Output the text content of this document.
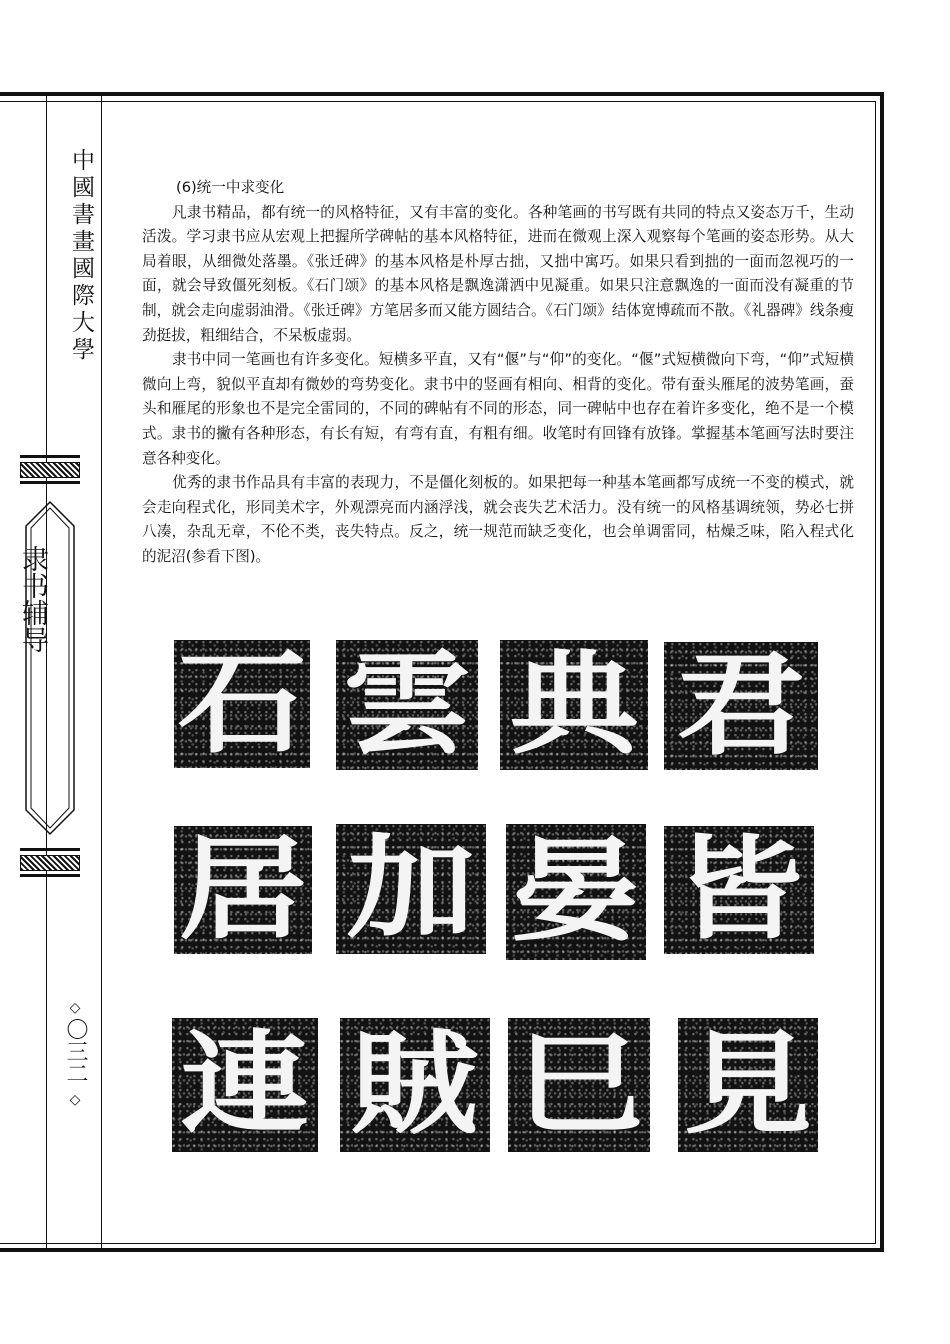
中國書畫國際大學
隶书辅导
◇
〇三二
◇
(6)统一中求变化

凡隶书精品，都有统一的风格特征，又有丰富的变化。各种笔画的书写既有共同的特点又姿态万千，生动活泼。学习隶书应从宏观上把握所学碑帖的基本风格特征，进而在微观上深入观察每个笔画的姿态形势。从大局着眼，从细微处落墨。《张迁碑》的基本风格是朴厚古拙，又拙中寓巧。如果只看到拙的一面而忽视巧的一面，就会导致僵死刻板。《石门颂》的基本风格是飘逸潇洒中见凝重。如果只注意飘逸的一面而没有凝重的节制，就会走向虚弱油滑。《张迁碑》方笔居多而又能方圆结合。《石门颂》结体宽博疏而不散。《礼器碑》线条瘦劲挺拔，粗细结合，不呆板虚弱。

隶书中同一笔画也有许多变化。短横多平直，又有“偃”与“仰”的变化。“偃”式短横微向下弯，“仰”式短横微向上弯，貌似平直却有微妙的弯势变化。隶书中的竖画有相向、相背的变化。带有蚕头雁尾的波势笔画，蚕头和雁尾的形象也不是完全雷同的，不同的碑帖有不同的形态，同一碑帖中也存在着许多变化，绝不是一个模式。隶书的撇有各种形态，有长有短，有弯有直，有粗有细。收笔时有回锋有放锋。掌握基本笔画写法时要注意各种变化。

优秀的隶书作品具有丰富的表现力，不是僵化刻板的。如果把每一种基本笔画都写成统一不变的模式，就会走向程式化，形同美术字，外观漂亮而内涵浮浅，就会丧失艺术活力。没有统一的风格基调统领，势必七拼八凑，杂乱无章，不伦不类，丧失特点。反之，统一规范而缺乏变化，也会单调雷同，枯燥乏味，陷入程式化的泥沼(参看下图)。

石 雲 典 君
居 加 晏 皆
連 賊 巳 見
